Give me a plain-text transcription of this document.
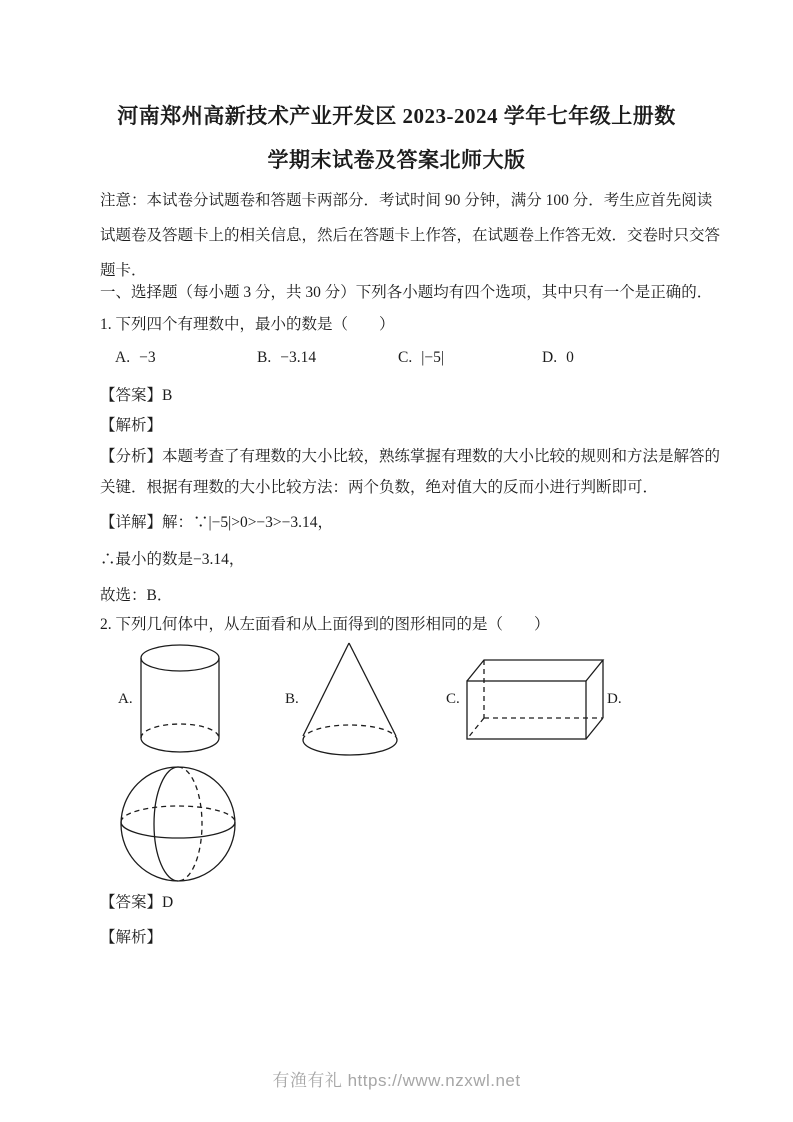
河南郑州高新技术产业开发区 2023-2024 学年七年级上册数
学期末试卷及答案北师大版
注意：本试卷分试题卷和答题卡两部分．考试时间 90 分钟，满分 100 分．考生应首先阅读
试题卷及答题卡上的相关信息，然后在答题卡上作答，在试题卷上作答无效．交卷时只交答
题卡．
一、选择题（每小题 3 分，共 30 分）下列各小题均有四个选项，其中只有一个是正确的．
1. 下列四个有理数中，最小的数是（　　）
A. −3	B. −3.14	C. |−5|	D. 0
【答案】B
【解析】
【分析】本题考查了有理数的大小比较，熟练掌握有理数的大小比较的规则和方法是解答的
关键．根据有理数的大小比较方法：两个负数，绝对值大的反而小进行判断即可．
【详解】解：∵|−5|>0>−3>−3.14，
∴最小的数是−3.14，
故选：B．
2. 下列几何体中，从左面看和从上面得到的图形相同的是（　　）
A.	B.	C.	D.
【答案】D
【解析】
有渔有礼 https://www.nzxwl.net
